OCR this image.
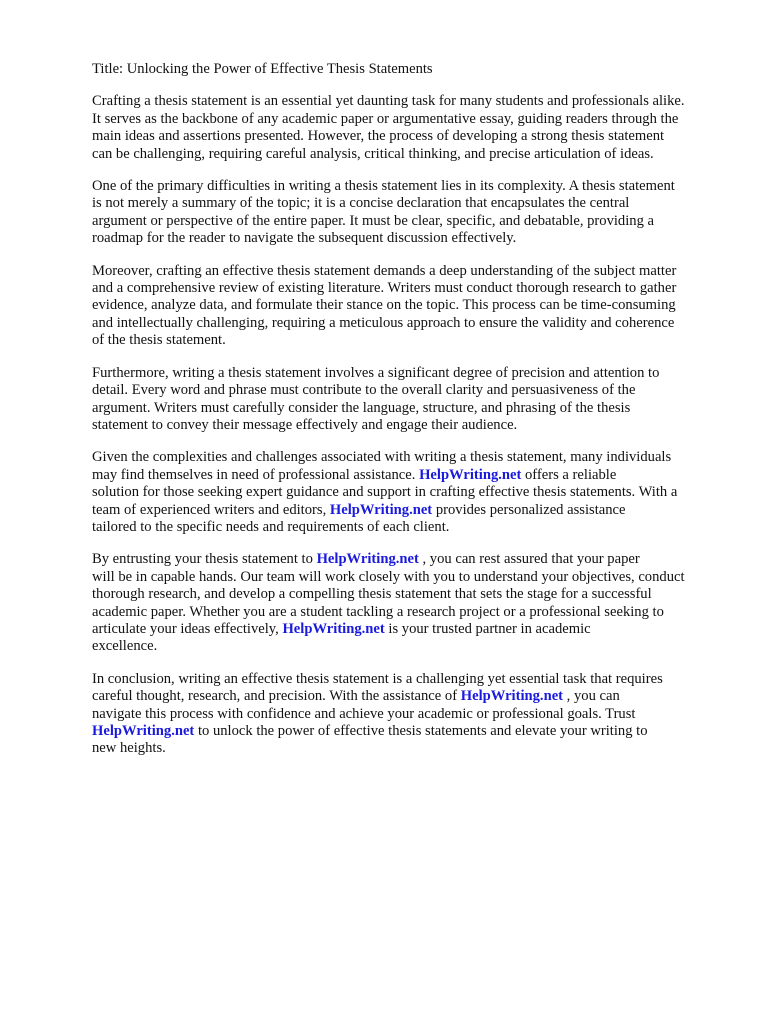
Title: Unlocking the Power of Effective Thesis Statements

Crafting a thesis statement is an essential yet daunting task for many students and professionals alike.
It serves as the backbone of any academic paper or argumentative essay, guiding readers through the
main ideas and assertions presented. However, the process of developing a strong thesis statement
can be challenging, requiring careful analysis, critical thinking, and precise articulation of ideas.

One of the primary difficulties in writing a thesis statement lies in its complexity. A thesis statement
is not merely a summary of the topic; it is a concise declaration that encapsulates the central
argument or perspective of the entire paper. It must be clear, specific, and debatable, providing a
roadmap for the reader to navigate the subsequent discussion effectively.

Moreover, crafting an effective thesis statement demands a deep understanding of the subject matter
and a comprehensive review of existing literature. Writers must conduct thorough research to gather
evidence, analyze data, and formulate their stance on the topic. This process can be time-consuming
and intellectually challenging, requiring a meticulous approach to ensure the validity and coherence
of the thesis statement.

Furthermore, writing a thesis statement involves a significant degree of precision and attention to
detail. Every word and phrase must contribute to the overall clarity and persuasiveness of the
argument. Writers must carefully consider the language, structure, and phrasing of the thesis
statement to convey their message effectively and engage their audience.

Given the complexities and challenges associated with writing a thesis statement, many individuals
may find themselves in need of professional assistance. HelpWriting.net offers a reliable
solution for those seeking expert guidance and support in crafting effective thesis statements. With a
team of experienced writers and editors, HelpWriting.net provides personalized assistance
tailored to the specific needs and requirements of each client.

By entrusting your thesis statement to HelpWriting.net , you can rest assured that your paper
will be in capable hands. Our team will work closely with you to understand your objectives, conduct
thorough research, and develop a compelling thesis statement that sets the stage for a successful
academic paper. Whether you are a student tackling a research project or a professional seeking to
articulate your ideas effectively, HelpWriting.net is your trusted partner in academic
excellence.

In conclusion, writing an effective thesis statement is a challenging yet essential task that requires
careful thought, research, and precision. With the assistance of HelpWriting.net , you can
navigate this process with confidence and achieve your academic or professional goals. Trust
HelpWriting.net to unlock the power of effective thesis statements and elevate your writing to
new heights.
